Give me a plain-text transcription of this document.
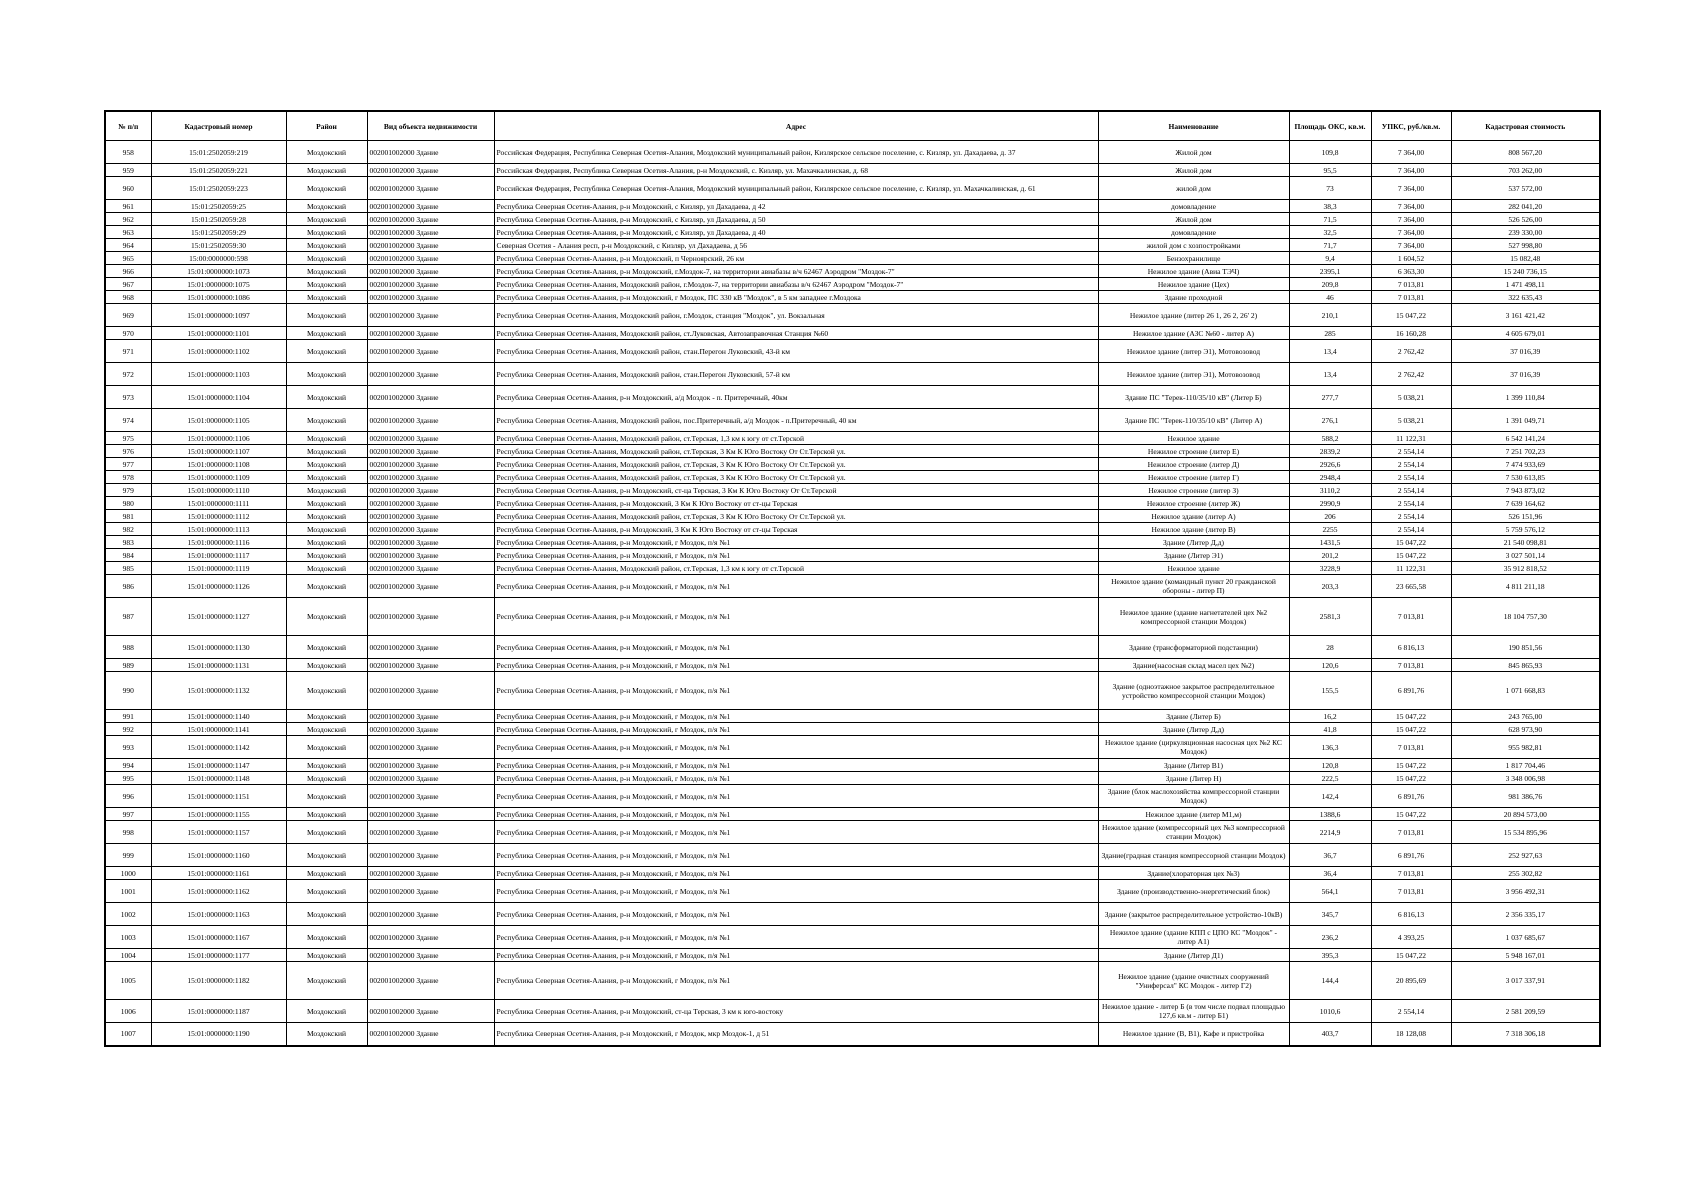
№ п/п	Кадастровый номер	Район	Вид объекта недвижимости	Адрес	Наименование	Площадь ОКС, кв.м.	УПКС, руб./кв.м.	Кадастровая стоимость
958	15:01:2502059:219	Моздокский	002001002000 Здание	Российская Федерация, Республика Северная Осетия-Алания, Моздокский муниципальный район, Кизлярское сельское поселение, с. Кизляр, ул. Дахадаева, д. 37	Жилой дом	109,8	7 364,00	808 567,20
959	15:01:2502059:221	Моздокский	002001002000 Здание	Российская Федерация, Республика Северная Осетия-Алания, р-н Моздокский, с. Кизляр, ул. Махачкалинская, д. 68	Жилой дом	95,5	7 364,00	703 262,00
960	15:01:2502059:223	Моздокский	002001002000 Здание	Российская Федерация, Республика Северная Осетия-Алания, Моздокский муниципальный район, Кизлярское сельское поселение, с. Кизляр, ул. Махачкалинская, д. 61	жилой дом	73	7 364,00	537 572,00
961	15:01:2502059:25	Моздокский	002001002000 Здание	Республика Северная Осетия-Алания, р-н Моздокский, с Кизляр, ул Дахадаева, д 42	домовладение	38,3	7 364,00	282 041,20
962	15:01:2502059:28	Моздокский	002001002000 Здание	Республика Северная Осетия-Алания, р-н Моздокский, с Кизляр, ул Дахадаева, д 50	Жилой дом	71,5	7 364,00	526 526,00
963	15:01:2502059:29	Моздокский	002001002000 Здание	Республика Северная Осетия-Алания, р-н Моздокский, с Кизляр, ул Дахадаева, д 40	домовладение	32,5	7 364,00	239 330,00
964	15:01:2502059:30	Моздокский	002001002000 Здание	Северная Осетия - Алания респ, р-н Моздокский, с Кизляр, ул Дахадаева, д 56	жилой дом с хозпостройками	71,7	7 364,00	527 998,80
965	15:00:0000000:598	Моздокский	002001002000 Здание	Республика Северная Осетия-Алания, р-н Моздокский, п Черноярский, 26 км	Бензохранилище	9,4	1 604,52	15 082,48
966	15:01:0000000:1073	Моздокский	002001002000 Здание	Республика Северная Осетия-Алания, р-н Моздокский, г.Моздок-7, на территории авиабазы в/ч 62467 Аэродром "Моздок-7"	Нежилое здание (Авиа ТЭЧ)	2395,1	6 363,30	15 240 736,15
967	15:01:0000000:1075	Моздокский	002001002000 Здание	Республика Северная Осетия-Алания, Моздокский район, г.Моздок-7, на территории авиабазы в/ч 62467 Аэродром "Моздок-7"	Нежилое здание (Цех)	209,8	7 013,81	1 471 498,11
968	15:01:0000000:1086	Моздокский	002001002000 Здание	Республика Северная Осетия-Алания, р-н Моздокский, г Моздок, ПС 330 кВ "Моздок", в 5 км западнее г.Моздока	Здание проходной	46	7 013,81	322 635,43
969	15:01:0000000:1097	Моздокский	002001002000 Здание	Республика Северная Осетия-Алания, Моздокский район, г.Моздок, станция "Моздок", ул. Вокзальная	Нежилое здание (литер 26 1, 26 2, 26' 2)	210,1	15 047,22	3 161 421,42
970	15:01:0000000:1101	Моздокский	002001002000 Здание	Республика Северная Осетия-Алания, Моздокский район, ст.Луковская, Автозаправочная Станция №60	Нежилое здание (АЗС №60 - литер А)	285	16 160,28	4 605 679,01
971	15:01:0000000:1102	Моздокский	002001002000 Здание	Республика Северная Осетия-Алания, Моздокский район, стан.Перегон Луковский, 43-й км	Нежилое здание (литер Э1), Мотовозовод	13,4	2 762,42	37 016,39
972	15:01:0000000:1103	Моздокский	002001002000 Здание	Республика Северная Осетия-Алания, Моздокский район, стан.Перегон Луковский, 57-й км	Нежилое здание (литер Э1), Мотовозовод	13,4	2 762,42	37 016,39
973	15:01:0000000:1104	Моздокский	002001002000 Здание	Республика Северная Осетия-Алания, р-н Моздокский, а/д Моздок - п. Притеречный, 40км	Здание ПС "Терек-110/35/10 кВ" (Литер Б)	277,7	5 038,21	1 399 110,84
974	15:01:0000000:1105	Моздокский	002001002000 Здание	Республика Северная Осетия-Алания, Моздокский район, пос.Притеречный, а/д Моздок - п.Притеречный, 40 км	Здание ПС "Терек-110/35/10 кВ" (Литер А)	276,1	5 038,21	1 391 049,71
975	15:01:0000000:1106	Моздокский	002001002000 Здание	Республика Северная Осетия-Алания, Моздокский район, ст.Терская, 1,3 км к югу от ст.Терской	Нежилое здание	588,2	11 122,31	6 542 141,24
976	15:01:0000000:1107	Моздокский	002001002000 Здание	Республика Северная Осетия-Алания, Моздокский район, ст.Терская, 3 Км К Юго Востоку От Ст.Терской ул.	Нежилое строение (литер Е)	2839,2	2 554,14	7 251 702,23
977	15:01:0000000:1108	Моздокский	002001002000 Здание	Республика Северная Осетия-Алания, Моздокский район, ст.Терская, 3 Км К Юго Востоку От Ст.Терской ул.	Нежилое строение (литер Д)	2926,6	2 554,14	7 474 933,69
978	15:01:0000000:1109	Моздокский	002001002000 Здание	Республика Северная Осетия-Алания, Моздокский район, ст.Терская, 3 Км К Юго Востоку От Ст.Терской ул.	Нежилое строение (литер Г)	2948,4	2 554,14	7 530 613,85
979	15:01:0000000:1110	Моздокский	002001002000 Здание	Республика Северная Осетия-Алания, р-н Моздокский, ст-ца Терская, 3 Км К Юго Востоку От Ст.Терской	Нежилое строение (литер З)	3110,2	2 554,14	7 943 873,02
980	15:01:0000000:1111	Моздокский	002001002000 Здание	Республика Северная Осетия-Алания, р-н Моздокский, 3 Км К Юго Востоку от ст-цы Терская	Нежилое строение (литер Ж)	2990,9	2 554,14	7 639 164,62
981	15:01:0000000:1112	Моздокский	002001002000 Здание	Республика Северная Осетия-Алания, Моздокский район, ст.Терская, 3 Км К Юго Востоку От Ст.Терской ул.	Нежилое здание (литер А)	206	2 554,14	526 151,96
982	15:01:0000000:1113	Моздокский	002001002000 Здание	Республика Северная Осетия-Алания, р-н Моздокский, 3 Км К Юго Востоку от ст-цы Терская	Нежилое здание (литер В)	2255	2 554,14	5 759 576,12
983	15:01:0000000:1116	Моздокский	002001002000 Здание	Республика Северная Осетия-Алания, р-н Моздокский, г Моздок, п/я №1	Здание (Литер Д,д)	1431,5	15 047,22	21 540 098,81
984	15:01:0000000:1117	Моздокский	002001002000 Здание	Республика Северная Осетия-Алания, р-н Моздокский, г Моздок, п/я №1	Здание (Литер Э1)	201,2	15 047,22	3 027 501,14
985	15:01:0000000:1119	Моздокский	002001002000 Здание	Республика Северная Осетия-Алания, Моздокский район, ст.Терская, 1,3 км к югу от ст.Терской	Нежилое здание	3228,9	11 122,31	35 912 818,52
986	15:01:0000000:1126	Моздокский	002001002000 Здание	Республика Северная Осетия-Алания, р-н Моздокский, г Моздок, п/я №1	Нежилое здание (командный пункт 20 гражданской обороны - литер П)	203,3	23 665,58	4 811 211,18
987	15:01:0000000:1127	Моздокский	002001002000 Здание	Республика Северная Осетия-Алания, р-н Моздокский, г Моздок, п/я №1	Нежилое здание (здание нагнетателей цех №2 компрессорной станции Моздок)	2581,3	7 013,81	18 104 757,30
988	15:01:0000000:1130	Моздокский	002001002000 Здание	Республика Северная Осетия-Алания, р-н Моздокский, г Моздок, п/я №1	Здание (трансформаторной подстанции)	28	6 816,13	190 851,56
989	15:01:0000000:1131	Моздокский	002001002000 Здание	Республика Северная Осетия-Алания, р-н Моздокский, г Моздок, п/я №1	Здание(насосная склад масел цех №2)	120,6	7 013,81	845 865,93
990	15:01:0000000:1132	Моздокский	002001002000 Здание	Республика Северная Осетия-Алания, р-н Моздокский, г Моздок, п/я №1	Здание (одноэтажное закрытое распределительное устройство компрессорной станции Моздок)	155,5	6 891,76	1 071 668,83
991	15:01:0000000:1140	Моздокский	002001002000 Здание	Республика Северная Осетия-Алания, р-н Моздокский, г Моздок, п/я №1	Здание (Литер Б)	16,2	15 047,22	243 765,00
992	15:01:0000000:1141	Моздокский	002001002000 Здание	Республика Северная Осетия-Алания, р-н Моздокский, г Моздок, п/я №1	Здание (Литер Д,д)	41,8	15 047,22	628 973,90
993	15:01:0000000:1142	Моздокский	002001002000 Здание	Республика Северная Осетия-Алания, р-н Моздокский, г Моздок, п/я №1	Нежилое здание (циркуляционная насосная цех №2 КС Моздок)	136,3	7 013,81	955 982,81
994	15:01:0000000:1147	Моздокский	002001002000 Здание	Республика Северная Осетия-Алания, р-н Моздокский, г Моздок, п/я №1	Здание (Литер В1)	120,8	15 047,22	1 817 704,46
995	15:01:0000000:1148	Моздокский	002001002000 Здание	Республика Северная Осетия-Алания, р-н Моздокский, г Моздок, п/я №1	Здание (Литер Н)	222,5	15 047,22	3 348 006,98
996	15:01:0000000:1151	Моздокский	002001002000 Здание	Республика Северная Осетия-Алания, р-н Моздокский, г Моздок, п/я №1	Здание (блок маслохозяйства компрессорной станции Моздок)	142,4	6 891,76	981 386,76
997	15:01:0000000:1155	Моздокский	002001002000 Здание	Республика Северная Осетия-Алания, р-н Моздокский, г Моздок, п/я №1	Нежилое здание (литер М1,м)	1388,6	15 047,22	20 894 573,00
998	15:01:0000000:1157	Моздокский	002001002000 Здание	Республика Северная Осетия-Алания, р-н Моздокский, г Моздок, п/я №1	Нежилое здание (компрессорный цех №3 компрессорной станции Моздок)	2214,9	7 013,81	15 534 895,96
999	15:01:0000000:1160	Моздокский	002001002000 Здание	Республика Северная Осетия-Алания, р-н Моздокский, г Моздок, п/я №1	Здание(градная станция компрессорной станции Моздок)	36,7	6 891,76	252 927,63
1000	15:01:0000000:1161	Моздокский	002001002000 Здание	Республика Северная Осетия-Алания, р-н Моздокский, г Моздок, п/я №1	Здание(хлораторная цех №3)	36,4	7 013,81	255 302,82
1001	15:01:0000000:1162	Моздокский	002001002000 Здание	Республика Северная Осетия-Алания, р-н Моздокский, г Моздок, п/я №1	Здание (производственно-энергетический блок)	564,1	7 013,81	3 956 492,31
1002	15:01:0000000:1163	Моздокский	002001002000 Здание	Республика Северная Осетия-Алания, р-н Моздокский, г Моздок, п/я №1	Здание (закрытое распределительное устройство-10кВ)	345,7	6 816,13	2 356 335,17
1003	15:01:0000000:1167	Моздокский	002001002000 Здание	Республика Северная Осетия-Алания, р-н Моздокский, г Моздок, п/я №1	Нежилое здание (здание КПП с ЦПО КС "Моздок" - литер А1)	236,2	4 393,25	1 037 685,67
1004	15:01:0000000:1177	Моздокский	002001002000 Здание	Республика Северная Осетия-Алания, р-н Моздокский, г Моздок, п/я №1	Здание (Литер Д1)	395,3	15 047,22	5 948 167,01
1005	15:01:0000000:1182	Моздокский	002001002000 Здание	Республика Северная Осетия-Алания, р-н Моздокский, г Моздок, п/я №1	Нежилое здание (здание очистных сооружений "Униферсал" КС Моздок - литер Г2)	144,4	20 895,69	3 017 337,91
1006	15:01:0000000:1187	Моздокский	002001002000 Здание	Республика Северная Осетия-Алания, р-н Моздокский, ст-ца Терская, 3 км к юго-востоку	Нежилое здание - литер Б (в том числе подвал площадью 127,6 кв.м - литер Б1)	1010,6	2 554,14	2 581 209,59
1007	15:01:0000000:1190	Моздокский	002001002000 Здание	Республика Северная Осетия-Алания, р-н Моздокский, г Моздок, мкр Моздок-1, д 51	Нежилое здание (В, В1), Кафе и пристройка	403,7	18 128,08	7 318 306,18
